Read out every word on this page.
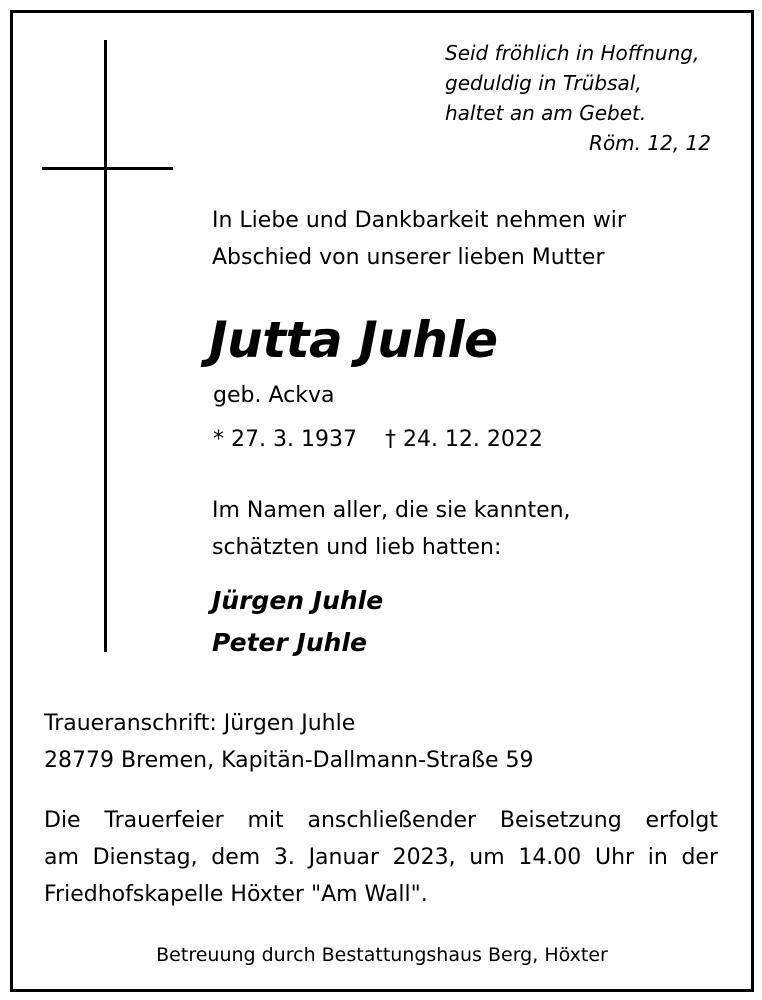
Seid fröhlich in Hoffnung,
geduldig in Trübsal,
haltet an am Gebet.
Röm. 12, 12
In Liebe und Dankbarkeit nehmen wir
Abschied von unserer lieben Mutter
Jutta Juhle
geb. Ackva
* 27. 3. 1937 † 24. 12. 2022
Im Namen aller, die sie kannten,
schätzten und lieb hatten:
Jürgen Juhle
Peter Juhle
Traueranschrift: Jürgen Juhle
28779 Bremen, Kapitän-Dallmann-Straße 59
Die Trauerfeier mit anschließender Beisetzung erfolgt
am Dienstag, dem 3. Januar 2023, um 14.00 Uhr in der
Friedhofskapelle Höxter "Am Wall".
Betreuung durch Bestattungshaus Berg, Höxter
